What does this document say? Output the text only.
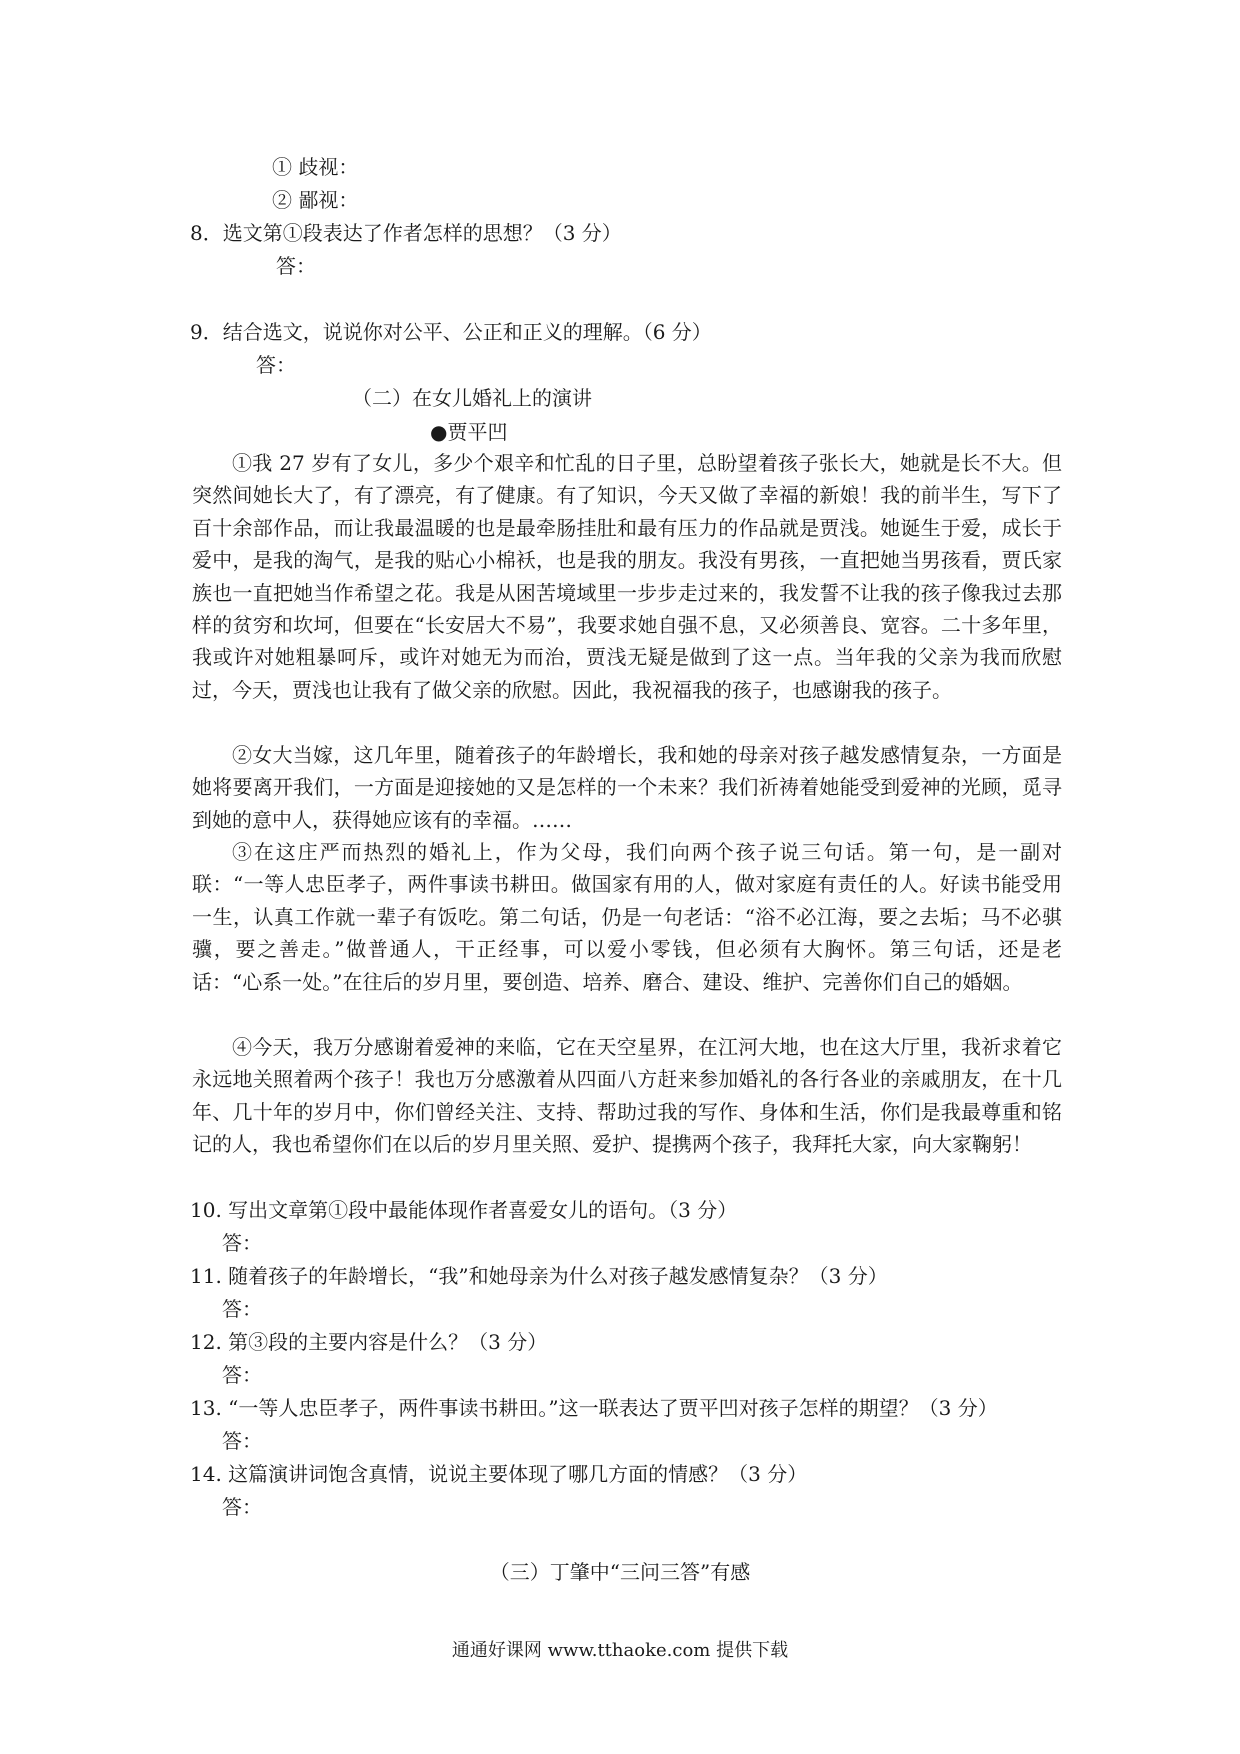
① 歧视：
② 鄙视：
8．选文第①段表达了作者怎样的思想？（3 分）
答：
9．结合选文，说说你对公平、公正和正义的理解。（6 分）
答：
（二）在女儿婚礼上的演讲
●贾平凹
①我 27 岁有了女儿，多少个艰辛和忙乱的日子里，总盼望着孩子张长大，她就是长不大。但突然间她长大了，有了漂亮，有了健康。有了知识，今天又做了幸福的新娘！我的前半生，写下了百十余部作品，而让我最温暖的也是最牵肠挂肚和最有压力的作品就是贾浅。她诞生于爱，成长于爱中，是我的淘气，是我的贴心小棉袄，也是我的朋友。我没有男孩，一直把她当男孩看，贾氏家族也一直把她当作希望之花。我是从困苦境域里一步步走过来的，我发誓不让我的孩子像我过去那样的贫穷和坎坷，但要在“长安居大不易”，我要求她自强不息，又必须善良、宽容。二十多年里，我或许对她粗暴呵斥，或许对她无为而治，贾浅无疑是做到了这一点。当年我的父亲为我而欣慰过，今天，贾浅也让我有了做父亲的欣慰。因此，我祝福我的孩子，也感谢我的孩子。
②女大当嫁，这几年里，随着孩子的年龄增长，我和她的母亲对孩子越发感情复杂，一方面是她将要离开我们，一方面是迎接她的又是怎样的一个未来？我们祈祷着她能受到爱神的光顾，觅寻到她的意中人，获得她应该有的幸福。……
③在这庄严而热烈的婚礼上，作为父母，我们向两个孩子说三句话。第一句，是一副对联：“一等人忠臣孝子，两件事读书耕田。做国家有用的人，做对家庭有责任的人。好读书能受用一生，认真工作就一辈子有饭吃。第二句话，仍是一句老话：“浴不必江海，要之去垢；马不必骐骥，要之善走。”做普通人，干正经事，可以爱小零钱，但必须有大胸怀。第三句话，还是老话：“心系一处。”在往后的岁月里，要创造、培养、磨合、建设、维护、完善你们自己的婚姻。
④今天，我万分感谢着爱神的来临，它在天空星界，在江河大地，也在这大厅里，我祈求着它永远地关照着两个孩子！我也万分感激着从四面八方赶来参加婚礼的各行各业的亲戚朋友，在十几年、几十年的岁月中，你们曾经关注、支持、帮助过我的写作、身体和生活，你们是我最尊重和铭记的人，我也希望你们在以后的岁月里关照、爱护、提携两个孩子，我拜托大家，向大家鞠躬！
10. 写出文章第①段中最能体现作者喜爱女儿的语句。（3 分）
答：
11. 随着孩子的年龄增长，“我”和她母亲为什么对孩子越发感情复杂？（3 分）
答：
12. 第③段的主要内容是什么？（3 分）
答：
13. “一等人忠臣孝子，两件事读书耕田。”这一联表达了贾平凹对孩子怎样的期望？（3 分）
答：
14. 这篇演讲词饱含真情，说说主要体现了哪几方面的情感？（3 分）
答：
（三）丁肇中“三问三答”有感
通通好课网 www.tthaoke.com 提供下载
